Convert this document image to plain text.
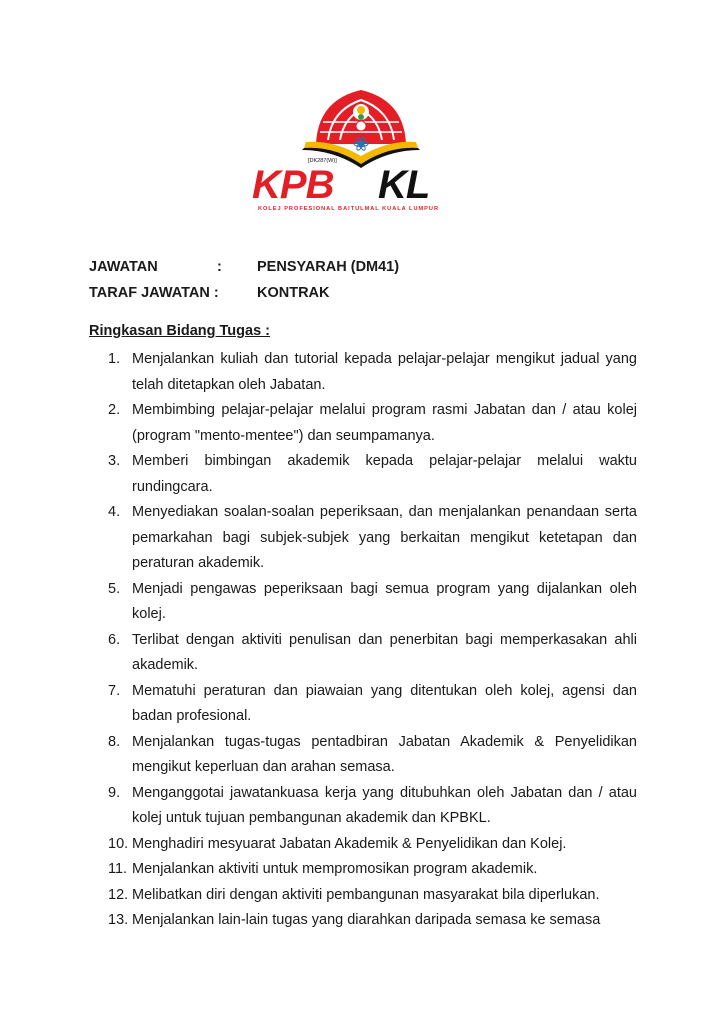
[DK287(W)]
KPB KL
KOLEJ PROFESIONAL BAITULMAL KUALA LUMPUR
JAWATAN	:	PENSYARAH (DM41)
TARAF JAWATAN :	KONTRAK
Ringkasan Bidang Tugas :
1. Menjalankan kuliah dan tutorial kepada pelajar-pelajar mengikut jadual yang telah ditetapkan oleh Jabatan.
2. Membimbing pelajar-pelajar melalui program rasmi Jabatan dan / atau kolej (program "mento-mentee") dan seumpamanya.
3. Memberi bimbingan akademik kepada pelajar-pelajar melalui waktu rundingcara.
4. Menyediakan soalan-soalan peperiksaan, dan menjalankan penandaan serta pemarkahan bagi subjek-subjek yang berkaitan mengikut ketetapan dan peraturan akademik.
5. Menjadi pengawas peperiksaan bagi semua program yang dijalankan oleh kolej.
6. Terlibat dengan aktiviti penulisan dan penerbitan bagi memperkasakan ahli akademik.
7. Mematuhi peraturan dan piawaian yang ditentukan oleh kolej, agensi dan badan profesional.
8. Menjalankan tugas-tugas pentadbiran Jabatan Akademik & Penyelidikan mengikut keperluan dan arahan semasa.
9. Menganggotai jawatankuasa kerja yang ditubuhkan oleh Jabatan dan / atau kolej untuk tujuan pembangunan akademik dan KPBKL.
10. Menghadiri mesyuarat Jabatan Akademik & Penyelidikan dan Kolej.
11. Menjalankan aktiviti untuk mempromosikan program akademik.
12. Melibatkan diri dengan aktiviti pembangunan masyarakat bila diperlukan.
13. Menjalankan lain-lain tugas yang diarahkan daripada semasa ke semasa
